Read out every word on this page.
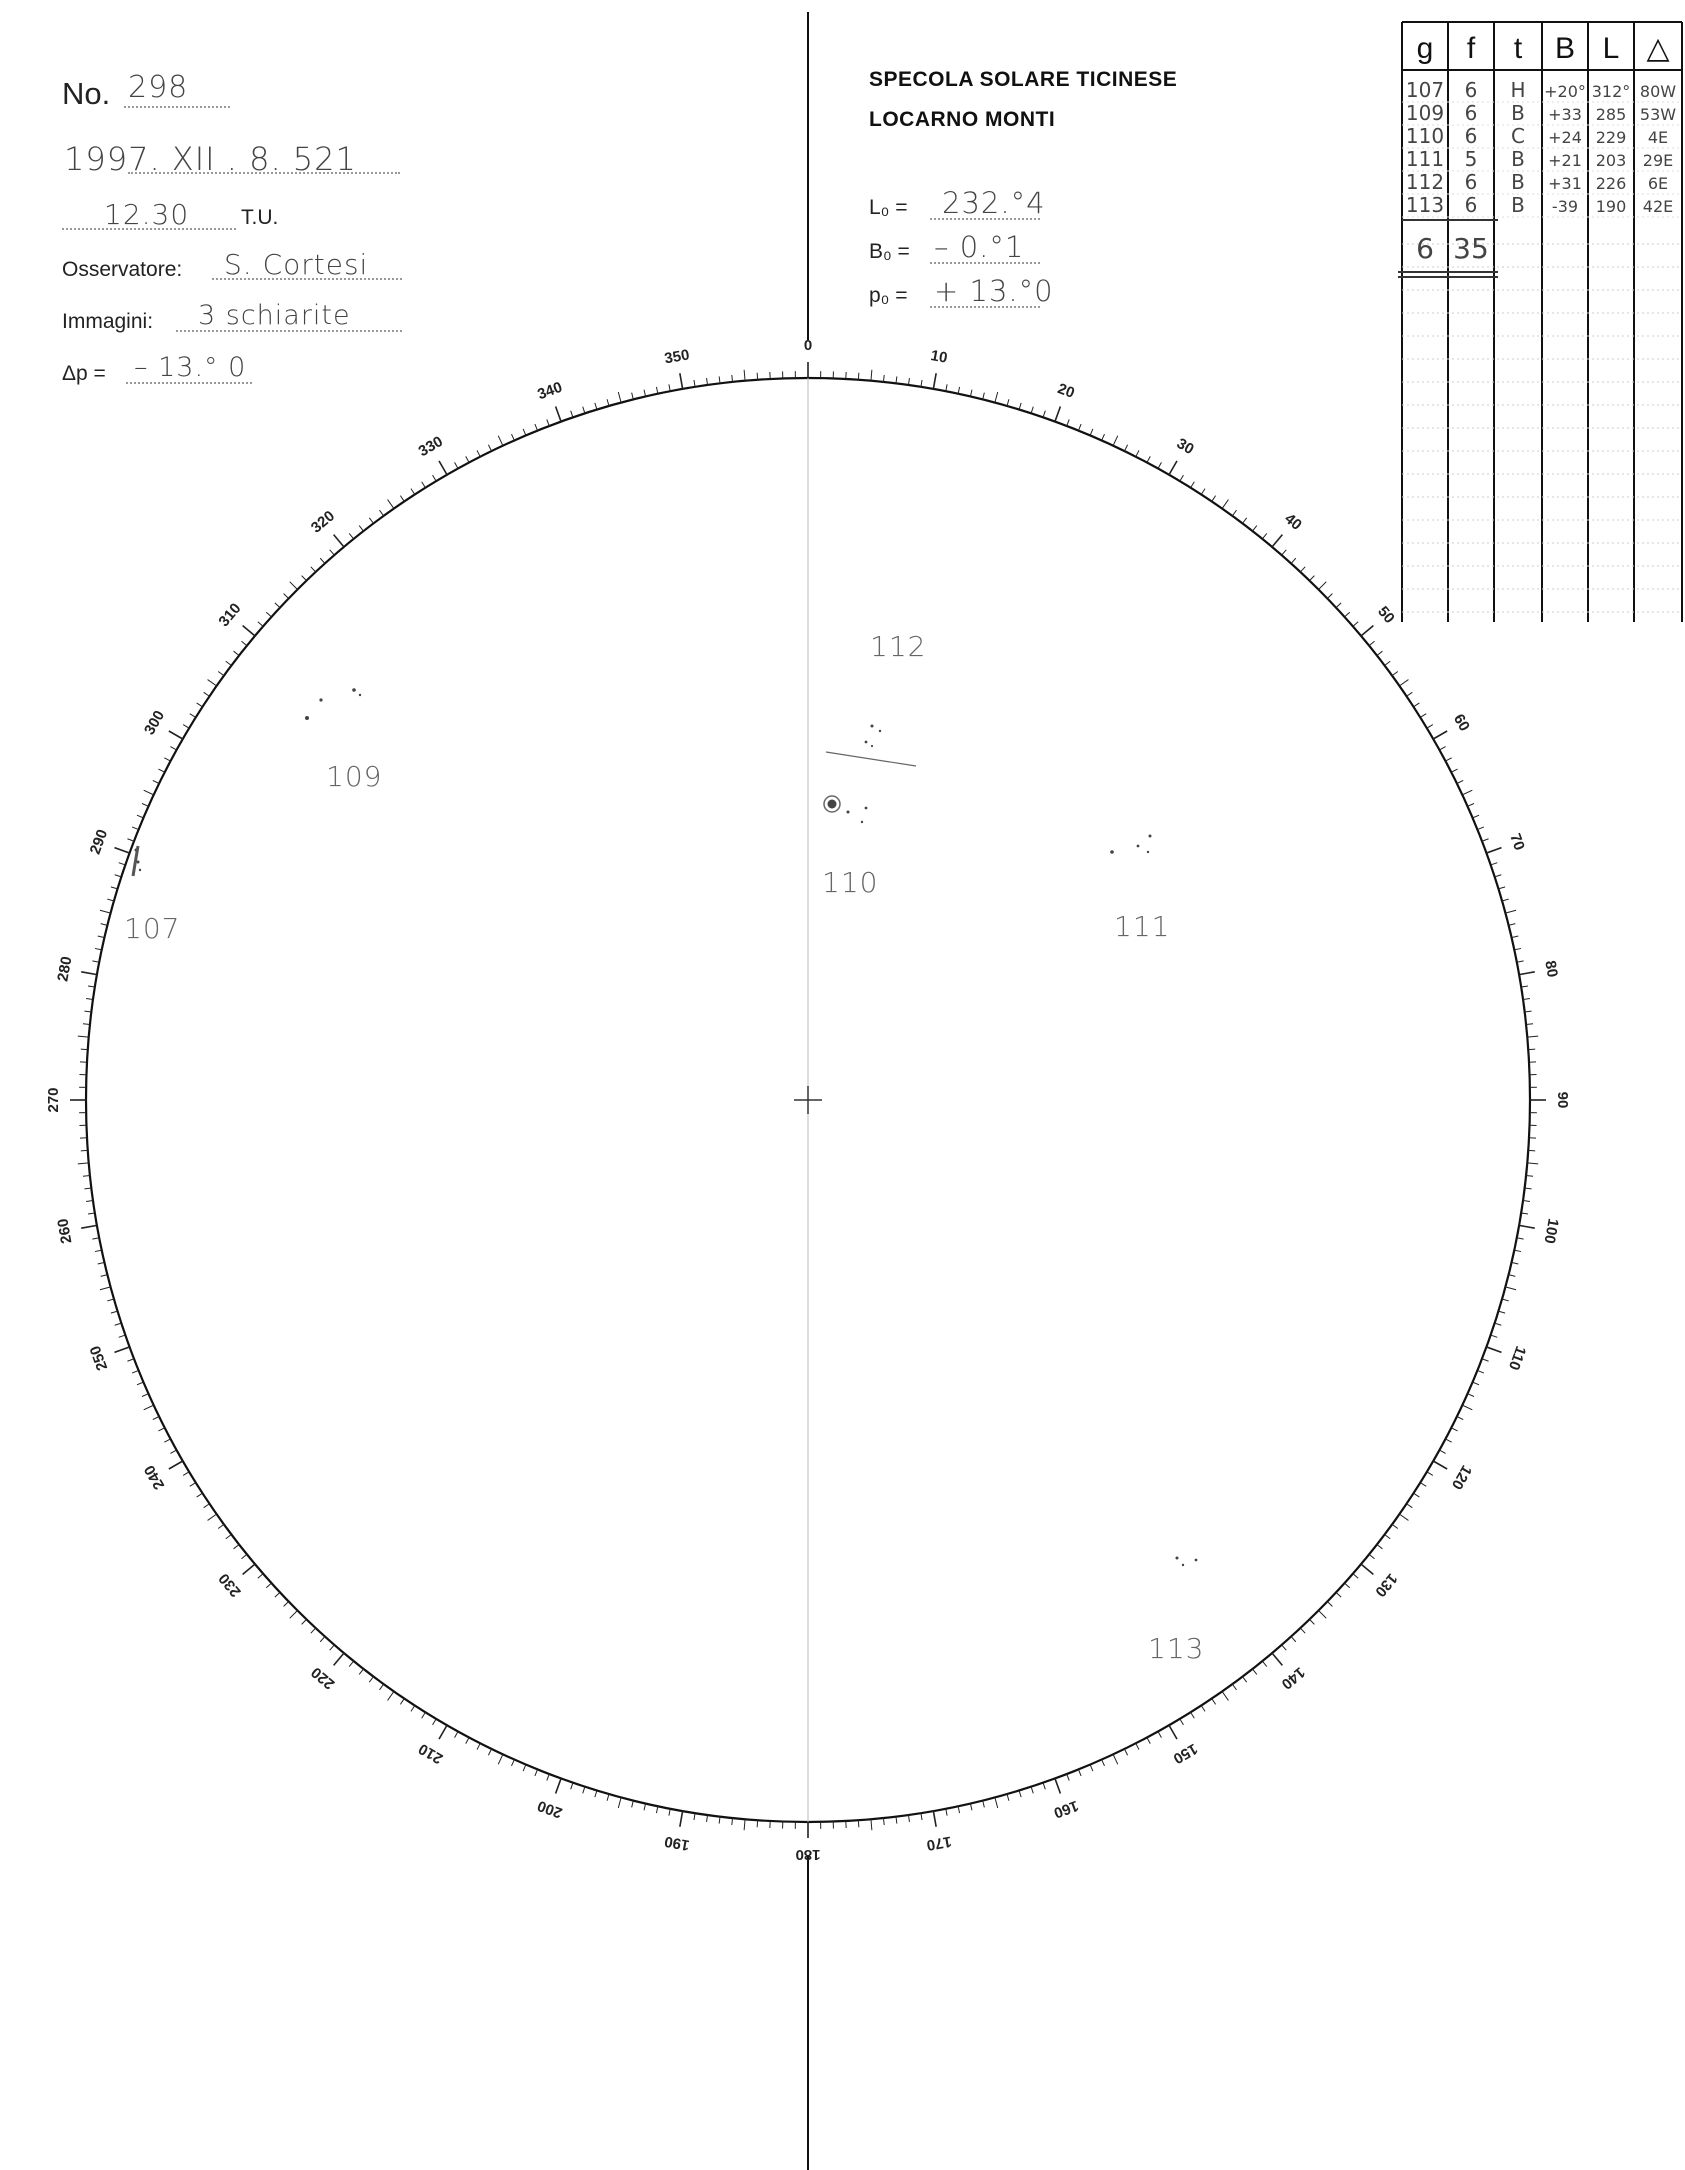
No. 298
1997. XII . 8. 521
12.30 T.U.
Osservatore: S. Cortesi
Immagini: 3 schiarite
Δp = – 13.° 0
SPECOLA SOLARE TICINESE
LOCARNO MONTI
L₀ = 232.°4
B₀ = – 0.°1
p₀ = + 13.°0
0
10
20
30
40
50
60
70
80
90
100
110
120
130
140
150
160
170
180
190
200
210
220
230
240
250
260
270
280
290
300
310
320
330
340
350
107
109
110
111
112
113
g f t B L △
107 6 H +20° 312° 80W
109 6 B +33 285 53W
110 6 C +24 229 4E
111 5 B +21 203 29E
112 6 B +31 226 6E
113 6 B -39 190 42E
6 35
